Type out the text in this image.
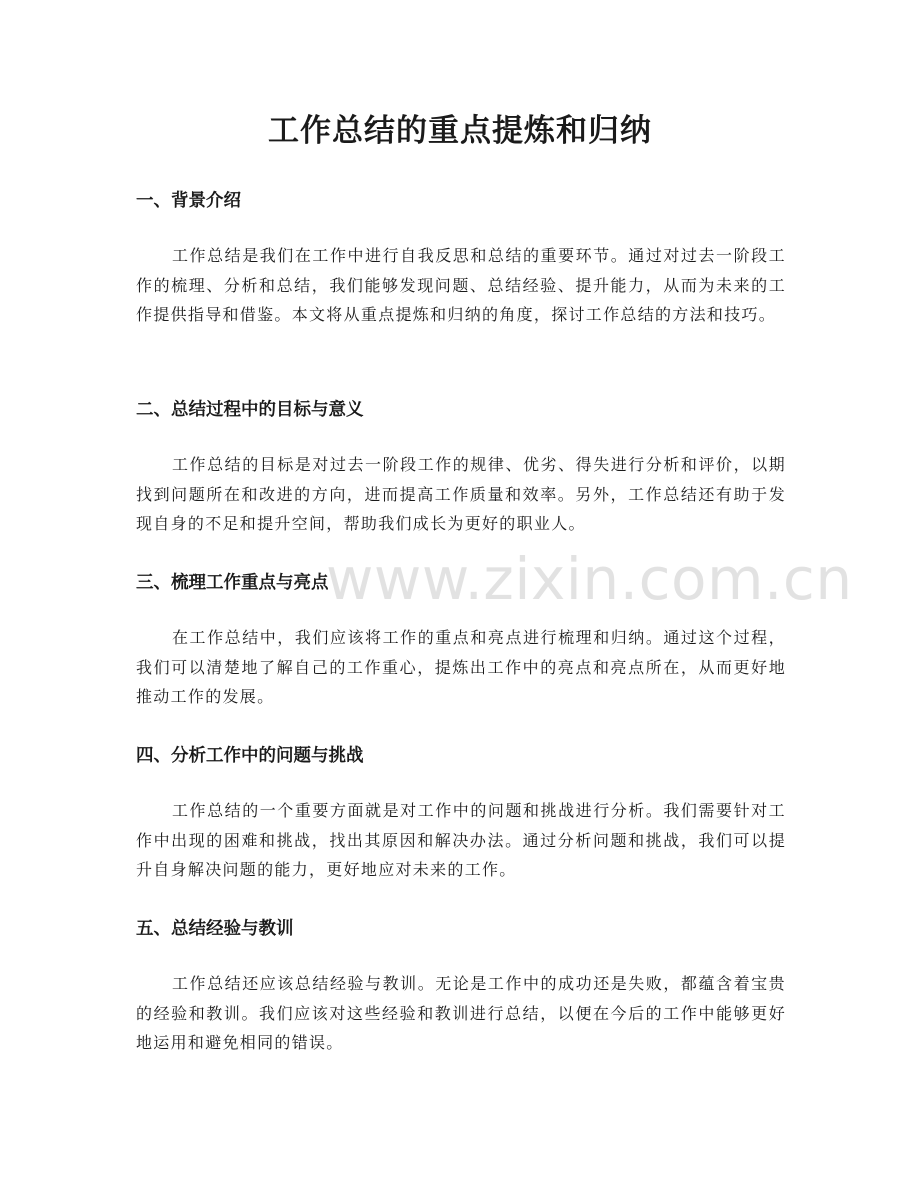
工作总结的重点提炼和归纳
一、背景介绍

工作总结是我们在工作中进行自我反思和总结的重要环节。通过对过去一阶段工作的梳理、分析和总结，我们能够发现问题、总结经验、提升能力，从而为未来的工作提供指导和借鉴。本文将从重点提炼和归纳的角度，探讨工作总结的方法和技巧。

二、总结过程中的目标与意义

工作总结的目标是对过去一阶段工作的规律、优劣、得失进行分析和评价，以期找到问题所在和改进的方向，进而提高工作质量和效率。另外，工作总结还有助于发现自身的不足和提升空间，帮助我们成长为更好的职业人。

三、梳理工作重点与亮点

在工作总结中，我们应该将工作的重点和亮点进行梳理和归纳。通过这个过程，我们可以清楚地了解自己的工作重心，提炼出工作中的亮点和亮点所在，从而更好地推动工作的发展。

四、分析工作中的问题与挑战

工作总结的一个重要方面就是对工作中的问题和挑战进行分析。我们需要针对工作中出现的困难和挑战，找出其原因和解决办法。通过分析问题和挑战，我们可以提升自身解决问题的能力，更好地应对未来的工作。

五、总结经验与教训

工作总结还应该总结经验与教训。无论是工作中的成功还是失败，都蕴含着宝贵的经验和教训。我们应该对这些经验和教训进行总结，以便在今后的工作中能够更好地运用和避免相同的错误。

www.zixin.com.cn
